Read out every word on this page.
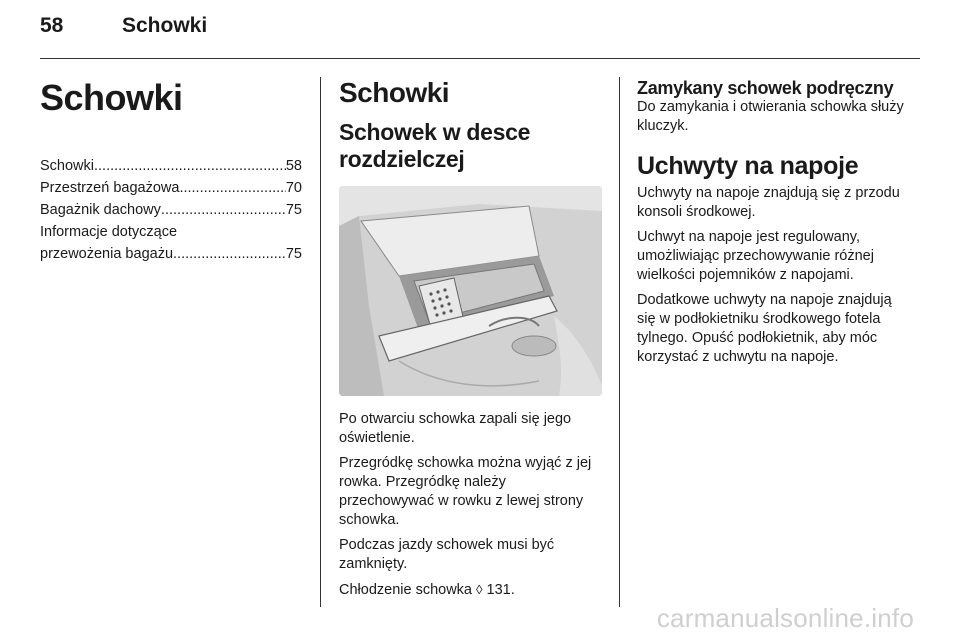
58	Schowki
Schowki
Schowki .....	58
Przestrzeń bagażowa .....	70
Bagażnik dachowy .....	75
Informacje dotyczące
przewożenia bagażu .....	75
Schowki
Schowek w desce rozdzielczej

Po otwarciu schowka zapali się jego oświetlenie.

Przegródkę schowka można wyjąć z jej rowka. Przegródkę należy przechowywać w rowku z lewej strony schowka.

Podczas jazdy schowek musi być zamknięty.

Chłodzenie schowka ◊ 131.

Zamykany schowek podręczny

Do zamykania i otwierania schowka służy kluczyk.

Uchwyty na napoje

Uchwyty na napoje znajdują się z przodu konsoli środkowej.

Uchwyt na napoje jest regulowany, umożliwiając przechowywanie różnej wielkości pojemników z napojami.

Dodatkowe uchwyty na napoje znajdują się w podłokietniku środkowego fotela tylnego. Opuść podłokietnik, aby móc korzystać z uchwytu na napoje.

carmanualsonline.info
